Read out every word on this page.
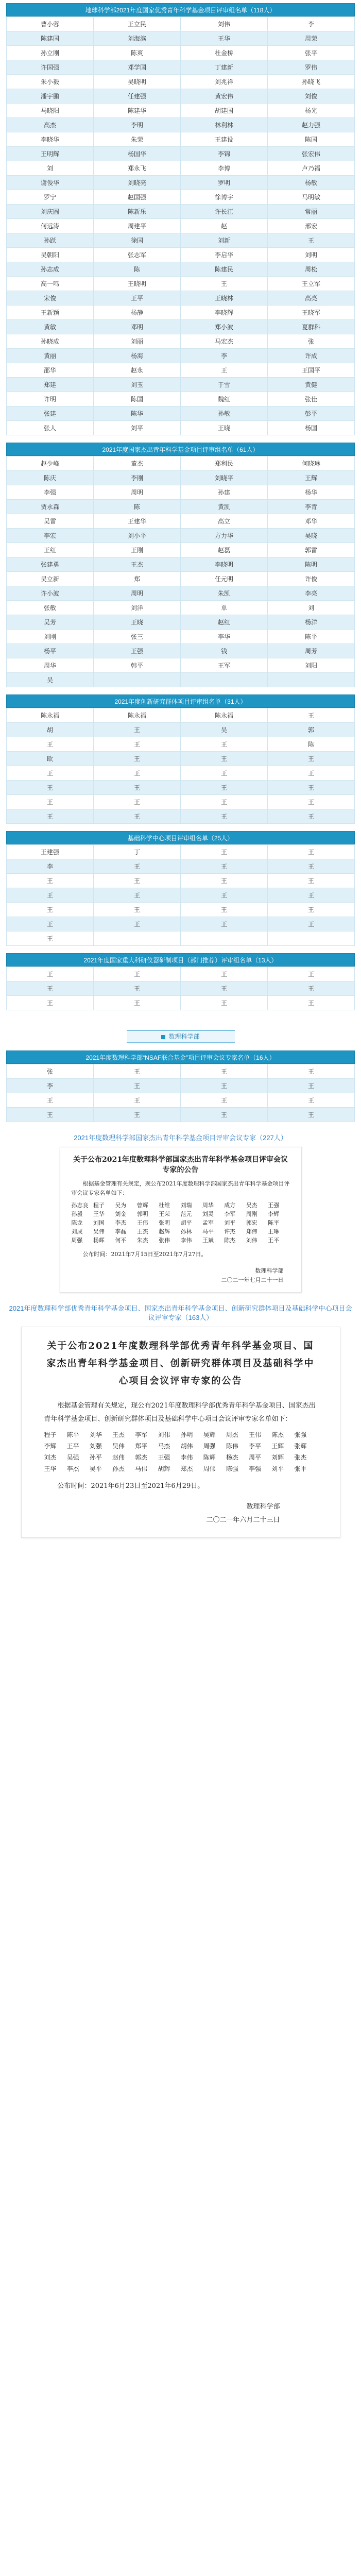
地球科学部2021年度国家优秀青年科学基金项目评审组名单（118人）
曹小蓉	王立民	刘伟	李
陈建国	刘海滨	王华	周荣
孙立刚	陈爽	杜金桥	张平
许国强	邓学国	丁建新	罗伟
朱小毅	吴晓明	刘兆祥	孙晓飞
潘宇鹏	任建强	黄宏伟	刘俊
马晓阳	陈建华	胡建国	杨光
高杰	李明	林利林	赵力强
李晓华	朱荣	王建设	陈国
王明辉	杨国华	李锦	张宏伟
刘	郑永飞	李博	卢乃福
谢俊华	刘晓亮	罗明	杨敏
罗宁	赵国强	徐博宇	马明敏
刘庆圆	陈新乐	许长江	常丽
何远涛	周建平	赵	邢宏
孙跃	徐国	刘新	王
吴朝阳	张志军	李启华	刘明
孙志成	陈	陈建民	周松
高一鸣	王晓明	王	王立军
宋俊	王平	王晓林	高亮
王新颖	杨静	李晓辉	王晓军
黄敏	邓明	郑小波	夏群科
孙晓成	刘丽	马宏杰	张
黄丽	杨海	李	许成
邵华	赵永	王	王国平
郑建	刘玉	于雪	黄健
许明	陈国	魏红	张佳
张建	陈华	孙敏	彭平
张人	刘平	王晓	杨国
2021年度国家杰出青年科学基金项目评审组名单（61人）
赵少峰	董杰	郑利民	何晓琳
陈庆	李刚	刘晓平	王辉
李强	周明	孙建	杨华
贾永森	陈	黄凯	李青
吴雷	王建华	高立	邓华
李宏	刘小平	方力华	吴晓
王红	王刚	赵磊	郭雷
张建勇	王杰	李晓明	陈明
吴立新	郑	任元明	许俊
许小波	周明	朱凯	李亮
张敏	刘洋	单	刘
吴芳	王晓	赵红	杨洋
刘刚	张三	李华	陈平
杨平	王强	钱	周芳
周华	韩平	王军	刘阳
吴			
2021年度创新研究群体项目评审组名单（31人）
陈永福	陈永福	陈永福	王
胡	王	吴	郭
王	王	王	陈
欧	王	王	王
王	王	王	王
王	王	王	王
王	王	王	王
王	王	王	王
基础科学中心项目评审组名单（25人）
王建强	丁	王	王
李	王	王	王
王	王	王	王
王	王	王	王
王	王	王	王
王	王	王	王
王			
2021年度国家重大科研仪器研制项目（部门推荐）评审组名单（13人）
王	王	王	王
王	王	王	王
王	王	王	王
数理科学部
2021年度数理科学部“NSAF联合基金”项目评审会议专家名单（16人）
张	王	王	王
李	王	王	王
王	王	王	王
王	王	王	王
2021年度数理科学部国家杰出青年科学基金项目评审会议专家（227人）
关于公布2021年度数理科学部国家杰出青年科学基金项目评审会议专家的公告

根据基金管理有关规定，现公布2021年度数理科学部国家杰出青年科学基金项目评审会议专家名单如下：

孙志良 程子	吴为	曾辉	杜维	刘瑞	周华	成方	吴杰	王强
孙毅	王华	刘金	郭明	王荣	范元	刘灵	李军	周刚	李辉
陈龙	刘国	李杰	王伟	张明	胡平	孟军	刘平	郭宏	陈平
刘成	吴伟	李磊	王杰	赵辉	孙林	马平	许杰	郑伟	王琳
周强	杨辉	何平	朱杰	张伟	李伟	王斌	陈杰	刘伟	王平

公布时间：2021年7月15日至2021年7月27日。

数理科学部
二〇二一年七月二十一日
2021年度数理科学部优秀青年科学基金项目、国家杰出青年科学基金项目、创新研究群体项目及基础科学中心项目会议评审专家（163人）
关于公布2021年度数理科学部优秀青年科学基金项目、国家杰出青年科学基金项目、创新研究群体项目及基础科学中心项目会议评审专家的公告

根据基金管理有关规定，现公布2021年度数理科学部优秀青年科学基金项目、国家杰出青年科学基金项目、创新研究群体项目及基础科学中心项目会议评审专家名单如下：

程子	陈平	刘华	王杰	李军	刘伟	孙明	吴辉	周杰	王伟	陈杰	张强
李辉	王平	刘强	吴伟	郑平	马杰	胡伟	周强	陈伟	李平	王辉	张辉
刘杰	吴强	孙平	赵伟	郭杰	王强	李伟	陈辉	杨杰	周平	刘辉	张杰
王华	李杰	吴平	孙杰	马伟	胡辉	郑杰	周伟	陈强	李强	刘平	张平

公布时间：2021年6月23日至2021年6月29日。

数理科学部
二〇二一年六月二十三日
